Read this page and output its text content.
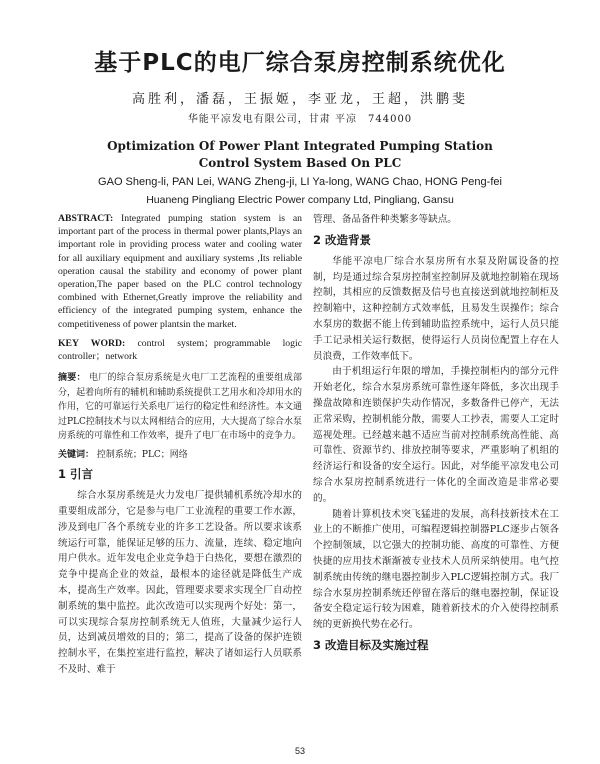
基于PLC的电厂综合泵房控制系统优化
高胜利，潘磊，王振姬，李亚龙，王超，洪鹏斐
华能平凉发电有限公司，甘肃 平凉　744000
Optimization Of Power Plant Integrated Pumping Station Control System Based On PLC
GAO Sheng-li, PAN Lei, WANG Zheng-ji, LI Ya-long, WANG Chao, HONG Peng-fei
Huaneng Pingliang Electric Power company Ltd, Pingliang, Gansu

ABSTRACT: Integrated pumping station system is an important part of the process in thermal power plants,Plays an important role in providing process water and cooling water for all auxiliary equipment and auxiliary systems ,Its reliable operation causal the stability and economy of power plant operation,The paper based on the PLC control technology combined with Ethernet,Greatly improve the reliability and efficiency of the integrated pumping system, enhance the competitiveness of power plantsin the market.

KEY WORD: control system；programmable logic controller；network

摘要： 电厂的综合泵房系统是火电厂工艺流程的重要组成部分，起着向所有的辅机和辅助系统提供工艺用水和冷却用水的作用，它的可靠运行关系电厂运行的稳定性和经济性。本文通过PLC控制技术与以太网相结合的应用，大大提高了综合水泵房系统的可靠性和工作效率，提升了电厂在市场中的竞争力。

关键词： 控制系统；PLC；网络

1 引言

综合水泵房系统是火力发电厂提供辅机系统冷却水的重要组成部分，它是参与电厂工业流程的重要工作水源，涉及到电厂各个系统专业的许多工艺设备。所以要求该系统运行可靠，能保证足够的压力、流量，连续、稳定地向用户供水。近年发电企业竞争趋于白热化，要想在激烈的竞争中提高企业的效益，最根本的途径就是降低生产成本，提高生产效率。因此，管理要求要求实现全厂自动控制系统的集中监控。此次改造可以实现两个好处：第一，可以实现综合泵房控制系统无人值班，大量减少运行人员，达到减员增效的目的；第二，提高了设备的保护连锁控制水平，在集控室进行监控，解决了诸如运行人员联系不及时、难于

管理、备品备件种类繁多等缺点。

2 改造背景

华能平凉电厂综合水泵房所有水泵及附属设备的控制，均是通过综合泵房控制室控制屏及就地控制箱在现场控制，其相应的反馈数据及信号也直接送到就地控制柜及控制箱中，这种控制方式效率低，且易发生误操作；综合水泵房的数据不能上传到辅助监控系统中，运行人员只能手工记录相关运行数据，使得运行人员岗位配置上存在人员浪费，工作效率低下。

由于机组运行年限的增加，手操控制柜内的部分元件开始老化，综合水泵房系统可靠性逐年降低，多次出现手操盘故障和连锁保护失动作情况，多数备件已停产，无法正常采购，控制机能分散，需要人工抄表，需要人工定时巡视处理。已经越来越不适应当前对控制系统高性能、高可靠性、资源节约、排放控制等要求，严重影响了机组的经济运行和设备的安全运行。因此，对华能平凉发电公司综合水泵房控制系统进行一体化的全面改造是非常必要的。

随着计算机技术突飞猛进的发展，高科技新技术在工业上的不断推广使用，可编程逻辑控制器PLC逐步占领各个控制领域，以它强大的控制功能、高度的可靠性、方便快捷的应用技术渐渐被专业技术人员所采纳使用。电气控制系统由传统的继电器控制步入PLC逻辑控制方式。我厂综合水泵房控制系统还停留在落后的继电器控制，保证设备安全稳定运行较为困难，随着新技术的介入使得控制系统的更新换代势在必行。

3 改造目标及实施过程
53
